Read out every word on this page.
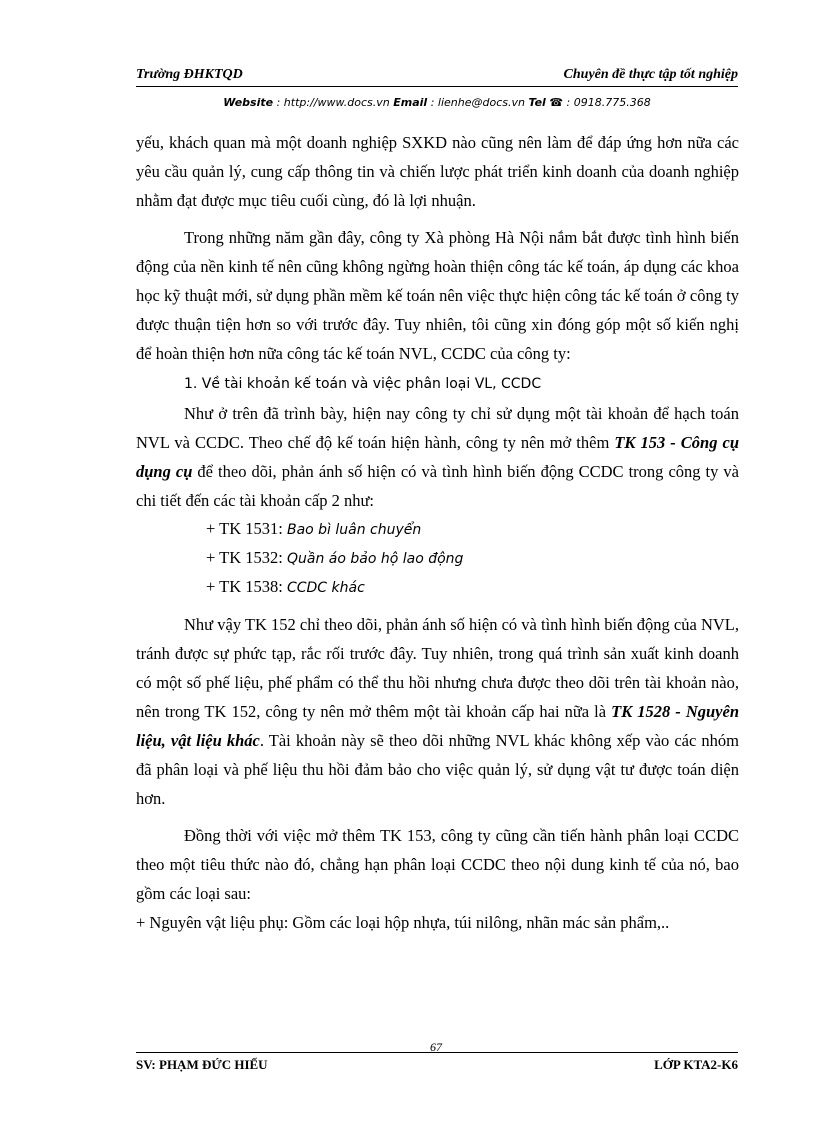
Trường ĐHKTQD	Chuyên đề thực tập tốt nghiệp
Website : http://www.docs.vn Email : lienhe@docs.vn Tel ☎ : 0918.775.368

yếu, khách quan mà một doanh nghiệp SXKD nào cũng nên làm để đáp ứng hơn nữa các yêu cầu quản lý, cung cấp thông tin và chiến lược phát triển kinh doanh của doanh nghiệp nhằm đạt được mục tiêu cuối cùng, đó là lợi nhuận.

Trong những năm gần đây, công ty Xà phòng Hà Nội nắm bắt được tình hình biến động của nền kinh tế nên cũng không ngừng hoàn thiện công tác kế toán, áp dụng các khoa học kỹ thuật mới, sử dụng phần mềm kế toán nên việc thực hiện công tác kế toán ở công ty được thuận tiện hơn so với trước đây. Tuy nhiên, tôi cũng xin đóng góp một số kiến nghị để hoàn thiện hơn nữa công tác kế toán NVL, CCDC của công ty:

1. Về tài khoản kế toán và việc phân loại VL, CCDC

Như ở trên đã trình bày, hiện nay công ty chỉ sử dụng một tài khoản để hạch toán NVL và CCDC. Theo chế độ kế toán hiện hành, công ty nên mở thêm TK 153 - Công cụ dụng cụ để theo dõi, phản ánh số hiện có và tình hình biến động CCDC trong công ty và chi tiết đến các tài khoản cấp 2 như:

+ TK 1531: Bao bì luân chuyển

+ TK 1532: Quần áo bảo hộ lao động

+ TK 1538: CCDC khác

Như vậy TK 152 chỉ theo dõi, phản ánh số hiện có và tình hình biến động của NVL, tránh được sự phức tạp, rắc rối trước đây. Tuy nhiên, trong quá trình sản xuất kinh doanh có một số phế liệu, phế phẩm có thể thu hồi nhưng chưa được theo dõi trên tài khoản nào, nên trong TK 152, công ty nên mở thêm một tài khoản cấp hai nữa là TK 1528 - Nguyên liệu, vật liệu khác. Tài khoản này sẽ theo dõi những NVL khác không xếp vào các nhóm đã phân loại và phế liệu thu hồi đảm bảo cho việc quản lý, sử dụng vật tư được toán diện hơn.

Đồng thời với việc mở thêm TK 153, công ty cũng cần tiến hành phân loại CCDC theo một tiêu thức nào đó, chẳng hạn phân loại CCDC theo nội dung kinh tế của nó, bao gồm các loại sau:

+ Nguyên vật liệu phụ: Gồm các loại hộp nhựa, túi nilông, nhãn mác sản phẩm,..

67
SV: PHẠM ĐỨC HIẾU	LỚP KTA2-K6
